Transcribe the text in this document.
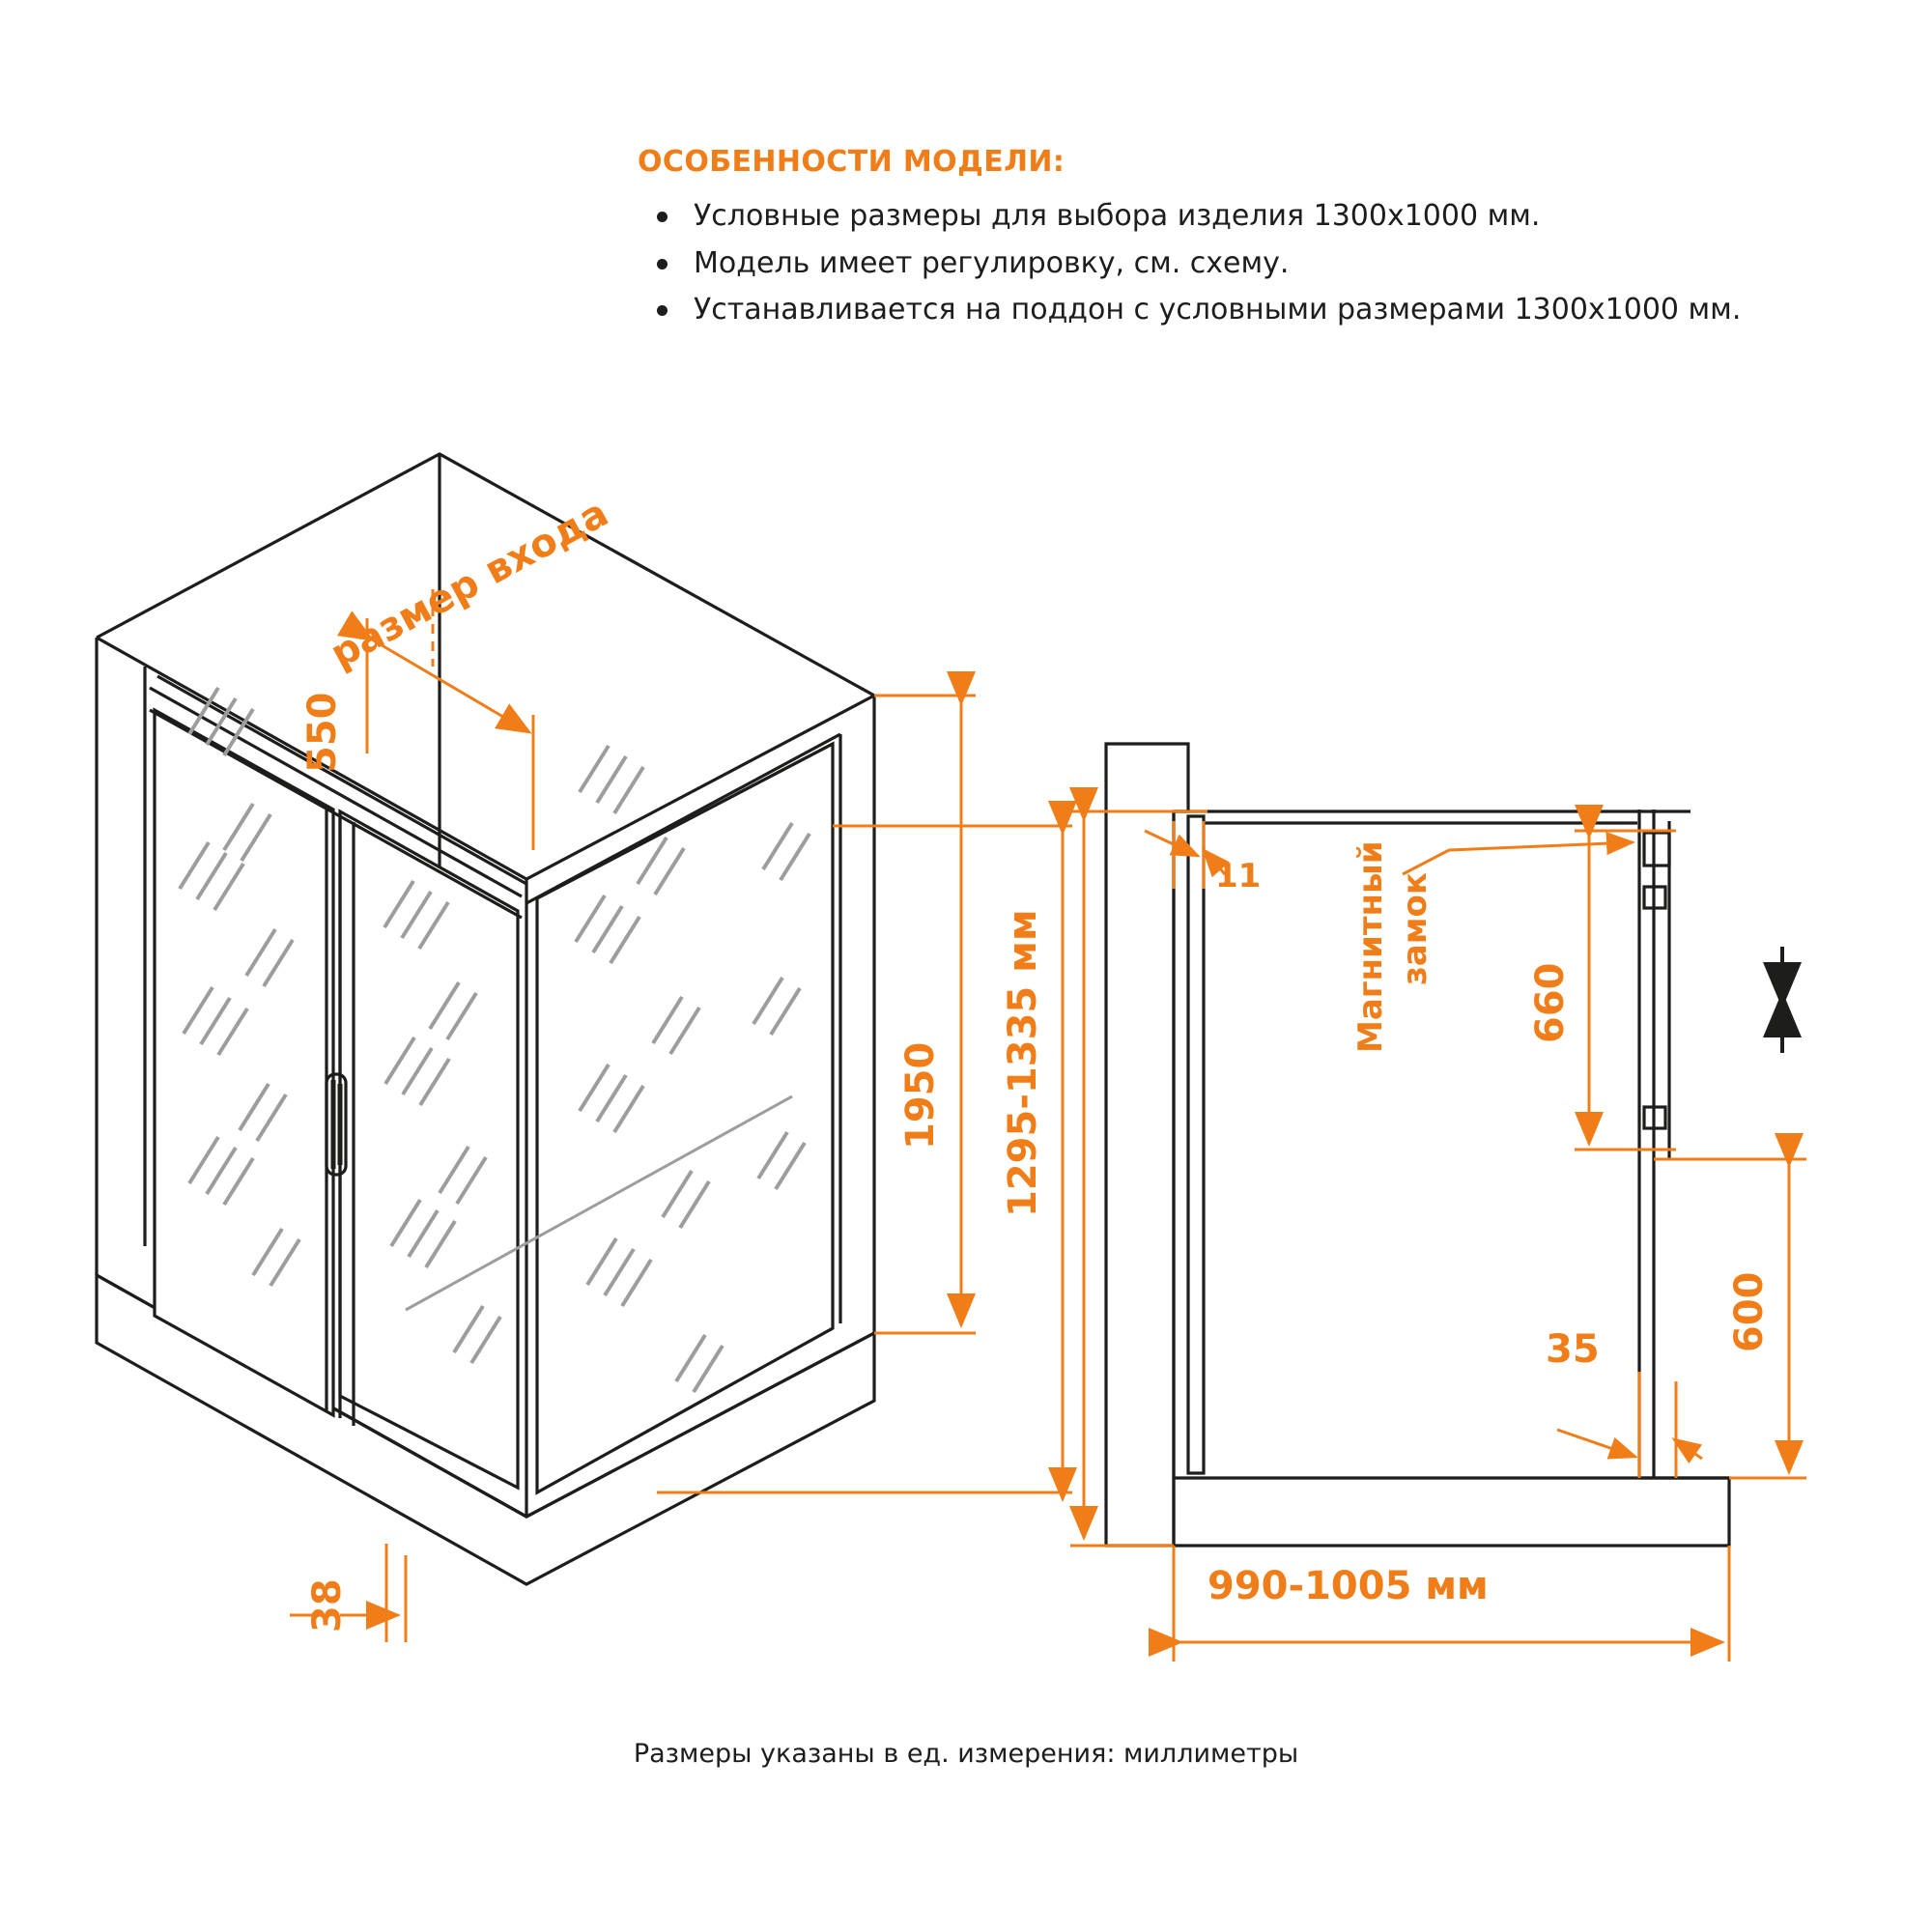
ОСОБЕННОСТИ МОДЕЛИ:
Условные размеры для выбора изделия 1300x1000 мм.
Модель имеет регулировку, см. схему.
Устанавливается на поддон с условными размерами 1300x1000 мм.
Размеры указаны в ед. измерения: миллиметры
550
размер входа
1950 1295-1335 мм
38
11	Магнитный замок
660
600
35
990-1005 мм
